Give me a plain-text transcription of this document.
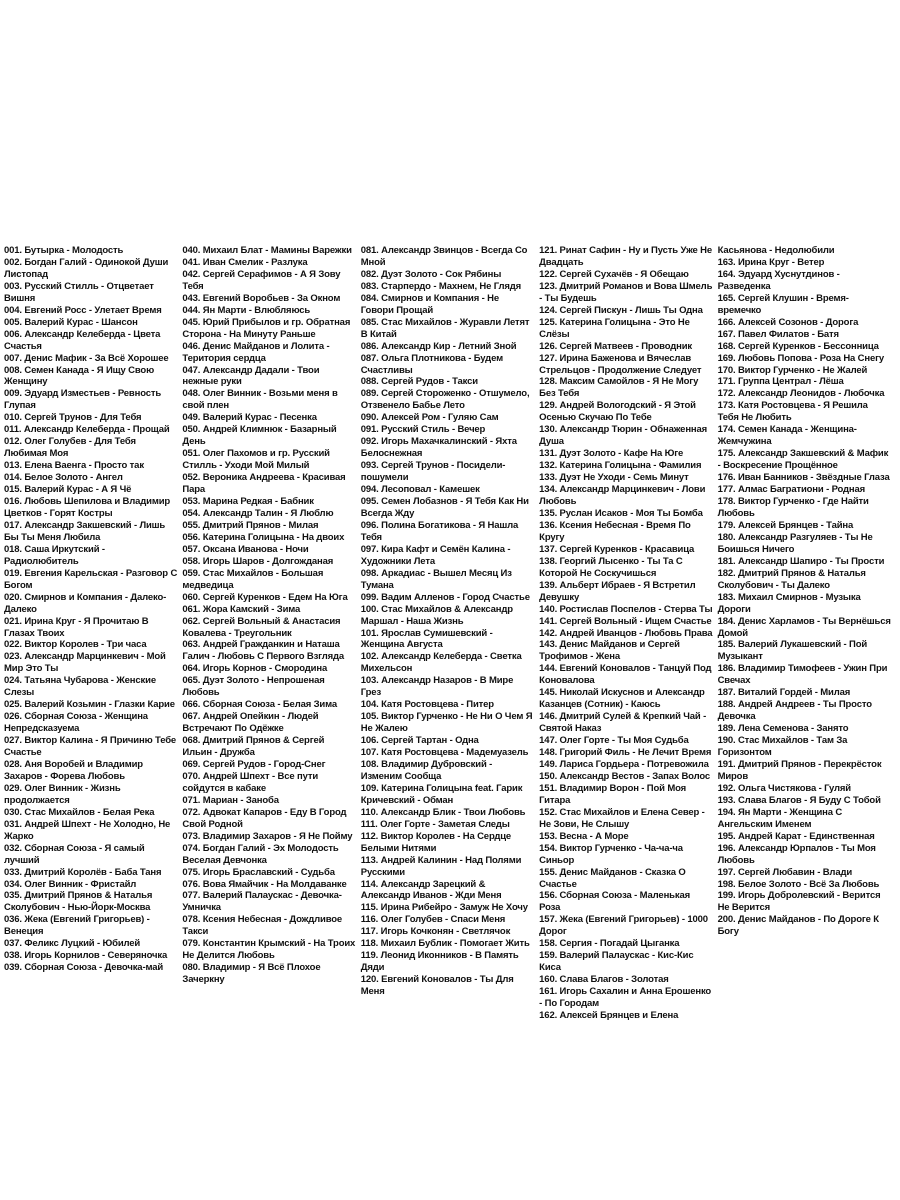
001. Бутырка - Молодость

002. Богдан Галий - Одинокой Души Листопад

003. Русский Стилль - Отцветает Вишня

004. Евгений Росс - Улетает Время

005. Валерий Курас - Шансон

006. Александр Келеберда - Цвета Счастья

007. Денис Мафик - За Всё Хорошее

008. Семен Канада - Я Ищу Свою Женщину

009. Эдуард Изместьев - Ревность Глупая

010. Сергей Трунов - Для Тебя

011. Александр Келеберда - Прощай

012. Олег Голубев - Для Тебя Любимая Моя

013. Елена Ваенга - Просто так

014. Белое Золото - Ангел

015. Валерий Курас - А Я Чё

016. Любовь Шепилова и Владимир Цветков - Горят Костры

017. Александр Закшевский - Лишь Бы Ты Меня Любила

018. Саша Иркутский - Радиолюбитель

019. Евгения Карельская - Разговор С Богом

020. Смирнов и Компания - Далеко-Далеко

021. Ирина Круг - Я Прочитаю В Глазах Твоих

022. Виктор Королев - Три часа

023. Александр Марцинкевич - Мой Мир Это Ты

024. Татьяна Чубарова - Женские Слезы

025. Валерий Козьмин - Глазки Карие

026. Сборная Союза - Женщина Непредсказуема

027. Виктор Калина - Я Причиню Тебе Счастье

028. Аня Воробей и Владимир Захаров - Форева Любовь

029. Олег Винник - Жизнь продолжается

030. Стас Михайлов - Белая Река

031. Андрей Шпехт - Не Холодно, Не Жарко

032. Сборная Союза - Я самый лучший

033. Дмитрий Королёв - Баба Таня

034. Олег Винник - Фристайл

035. Дмитрий Прянов & Наталья Сколубович - Нью-Йорк-Москва

036. Жека (Евгений Григорьев) - Венеция

037. Феликс Луцкий - Юбилей

038. Игорь Корнилов - Северяночка

039. Сборная Союза - Девочка-май

040. Михаил Блат - Мамины Варежки

041. Иван Смелик - Разлука

042. Сергей Серафимов - А Я Зову Тебя

043. Евгений Воробьев - За Окном

044. Ян Марти - Влюбляюсь

045. Юрий Прибылов и гр. Обратная Сторона - На Минуту Раньше

046. Денис Майданов и Лолита - Територия сердца

047. Александр Дадали - Твои нежные руки

048. Олег Винник - Возьми меня в свой плен

049. Валерий Курас - Песенка

050. Андрей Климнюк - Базарный День

051. Олег Пахомов и гр. Русский Стилль - Уходи Мой Милый

052. Вероника Андреева - Красивая Пара

053. Марина Редкая - Бабник

054. Александр Талин - Я Люблю

055. Дмитрий Прянов - Милая

056. Катерина Голицына - На двоих

057. Оксана Иванова - Ночи

058. Игорь Шаров - Долгожданая

059. Стас Михайлов - Большая медведица

060. Сергей Куренков - Едем На Юга

061. Жора Камский - Зима

062. Сергей Вольный & Анастасия Ковалева - Треугольник

063. Андрей Гражданкин и Наташа Галич - Любовь С Первого Взгляда

064. Игорь Корнов - Смородина

065. Дуэт Золото - Непрошеная Любовь

066. Сборная Союза - Белая Зима

067. Андрей Опейкин - Людей Встречают По Одёжке

068. Дмитрий Прянов & Сергей Ильин - Дружба

069. Сергей Рудов - Город-Снег

070. Андрей Шпехт - Все пути сойдутся в кабаке

071. Мариан - Заноба

072. Адвокат Капаров - Еду В Город Свой Родной

073. Владимир Захаров - Я Не Пойму

074. Богдан Галий - Эх Молодость Веселая Девчонка

075. Игорь Браславский - Судьба

076. Вова Ямайчик - На Молдаванке

077. Валерий Палаускас - Девочка-Умничка

078. Ксения Небесная - Дождливое Такси

079. Константин Крымский - На Троих Не Делится Любовь

080. Владимир - Я Всё Плохое Зачеркну

081. Александр Звинцов - Всегда Со Мной

082. Дуэт Золото - Сок Рябины

083. Старпердо - Махнем, Не Глядя

084. Смирнов и Компания - Не Говори Прощай

085. Стас Михайлов - Журавли Летят В Китай

086. Александр Кир - Летний Зной

087. Ольга Плотникова - Будем Счастливы

088. Сергей Рудов - Такси

089. Сергей Стороженко - Отшумело, Отзвенело Бабье Лето

090. Алексей Ром - Гуляю Сам

091. Русский Стиль - Вечер

092. Игорь Махачкалинский - Яхта Белоснежная

093. Сергей Трунов - Посидели-пошумели

094. Лесоповал - Камешек

095. Семен Лобазнов - Я Тебя Как Ни Всегда Жду

096. Полина Богатикова - Я Нашла Тебя

097. Кира Кафт и Семён Калина - Художники Лета

098. Аркадиас - Вышел Месяц Из Тумана

099. Вадим Алленов - Город Счастье

100. Стас Михайлов & Александр Маршал - Наша Жизнь

101. Ярослав Сумишевский - Женщина Августа

102. Александр Келеберда - Светка Михельсон

103. Александр Назаров - В Мире Грез

104. Катя Ростовцева - Питер

105. Виктор Гурченко - Не Ни О Чем Я Не Жалею

106. Сергей Тартан - Одна

107. Катя Ростовцева - Мадемуазель

108. Владимир Дубровский - Изменим Сообща

109. Катерина Голицына feat. Гарик Кричевский - Обман

110. Александр Блик - Твои Любовь

111. Олег Горте - Заметая Следы

112. Виктор Королев - На Сердце Белыми Нитями

113. Андрей Калинин - Над Полями Русскими

114. Александр Зарецкий & Александр Иванов - Жди Меня

115. Ирина Рибейро - Замуж Не Хочу

116. Олег Голубев - Спаси Меня

117. Игорь Кочконян - Светлячок

118. Михаил Бублик - Помогает Жить

119. Леонид Иконников - В Память Дяди

120. Евгений Коновалов - Ты Для Меня

121. Ринат Сафин - Ну и Пусть Уже Не Двадцать

122. Сергей Сухачёв - Я Обещаю

123. Дмитрий Романов и Вова Шмель - Ты Будешь

124. Сергей Пискун - Лишь Ты Одна

125. Катерина Голицына - Это Не Слёзы

126. Сергей Матвеев - Проводник

127. Ирина Баженова и Вячеслав Стрельцов - Продолжение Следует

128. Максим Самойлов - Я Не Могу Без Тебя

129. Андрей Вологодский - Я Этой Осенью Скучаю По Тебе

130. Александр Тюрин - Обнаженная Душа

131. Дуэт Золото - Кафе На Юге

132. Катерина Голицына - Фамилия

133. Дуэт Не Уходи - Семь Минут

134. Александр Марцинкевич - Лови Любовь

135. Руслан Исаков - Моя Ты Бомба

136. Ксения Небесная - Время По Кругу

137. Сергей Куренков - Красавица

138. Георгий Лысенко - Ты Та С Которой Не Соскучишься

139. Альберт Ибраев - Я Встретил Девушку

140. Ростислав Поспелов - Стерва Ты

141. Сергей Вольный - Ищем Счастье

142. Андрей Иванцов - Любовь Права

143. Денис Майданов и Сергей Трофимов - Жена

144. Евгений Коновалов - Танцуй Под Коновалова

145. Николай Искуснов и Александр Казанцев (Сотник) - Каюсь

146. Дмитрий Сулей & Крепкий Чай - Святой Наказ

147. Олег Горте - Ты Моя Судьба

148. Григорий Филь - Не Лечит Время

149. Лариса Гордьера - Потревожила

150. Александр Вестов - Запах Волос

151. Владимир Ворон - Пой Моя Гитара

152. Стас Михайлов и Елена Север - Не Зови, Не Слышу

153. Весна - А Море

154. Виктор Гурченко - Ча-ча-ча Синьор

155. Денис Майданов - Сказка О Счастье

156. Сборная Союза - Маленькая Роза

157. Жека (Евгений Григорьев) - 1000 Дорог

158. Сергия - Погадай Цыганка

159. Валерий Палаускас - Кис-Кис Киса

160. Слава Благов - Золотая

161. Игорь Сахалин и Анна Ерошенко - По Городам

162. Алексей Брянцев и Елена

Касьянова - Недолюбили

163. Ирина Круг - Ветер

164. Эдуард Хуснутдинов - Разведенка

165. Сергей Клушин - Время-времечко

166. Алексей Созонов - Дорога

167. Павел Филатов - Батя

168. Сергей Куренков - Бессонница

169. Любовь Попова - Роза На Снегу

170. Виктор Гурченко - Не Жалей

171. Группа Централ - Лёша

172. Александр Леонидов - Любочка

173. Катя Ростовцева - Я Решила Тебя Не Любить

174. Семен Канада - Женщина-Жемчужина

175. Александр Закшевский & Мафик - Воскресение Прощённое

176. Иван Банников - Звёздные Глаза

177. Алмас Багратиони - Родная

178. Виктор Гурченко - Где Найти Любовь

179. Алексей Брянцев - Тайна

180. Александр Разгуляев - Ты Не Боишься Ничего

181. Александр Шапиро - Ты Прости

182. Дмитрий Прянов & Наталья Сколубович - Ты Далеко

183. Михаил Смирнов - Музыка Дороги

184. Денис Харламов - Ты Вернёшься Домой

185. Валерий Лукашевский - Пой Музыкант

186. Владимир Тимофеев - Ужин При Свечах

187. Виталий Гордей - Милая

188. Андрей Андреев - Ты Просто Девочка

189. Лена Семенова - Занято

190. Стас Михайлов - Там За Горизонтом

191. Дмитрий Прянов - Перекрёсток Миров

192. Ольга Чистякова - Гуляй

193. Слава Благов - Я Буду С Тобой

194. Ян Марти - Женщина С Ангельским Именем

195. Андрей Карат - Единственная

196. Александр Юрпалов - Ты Моя Любовь

197. Сергей Любавин - Влади

198. Белое Золото - Всё За Любовь

199. Игорь Добролевский - Верится Не Верится

200. Денис Майданов - По Дороге К Богу
